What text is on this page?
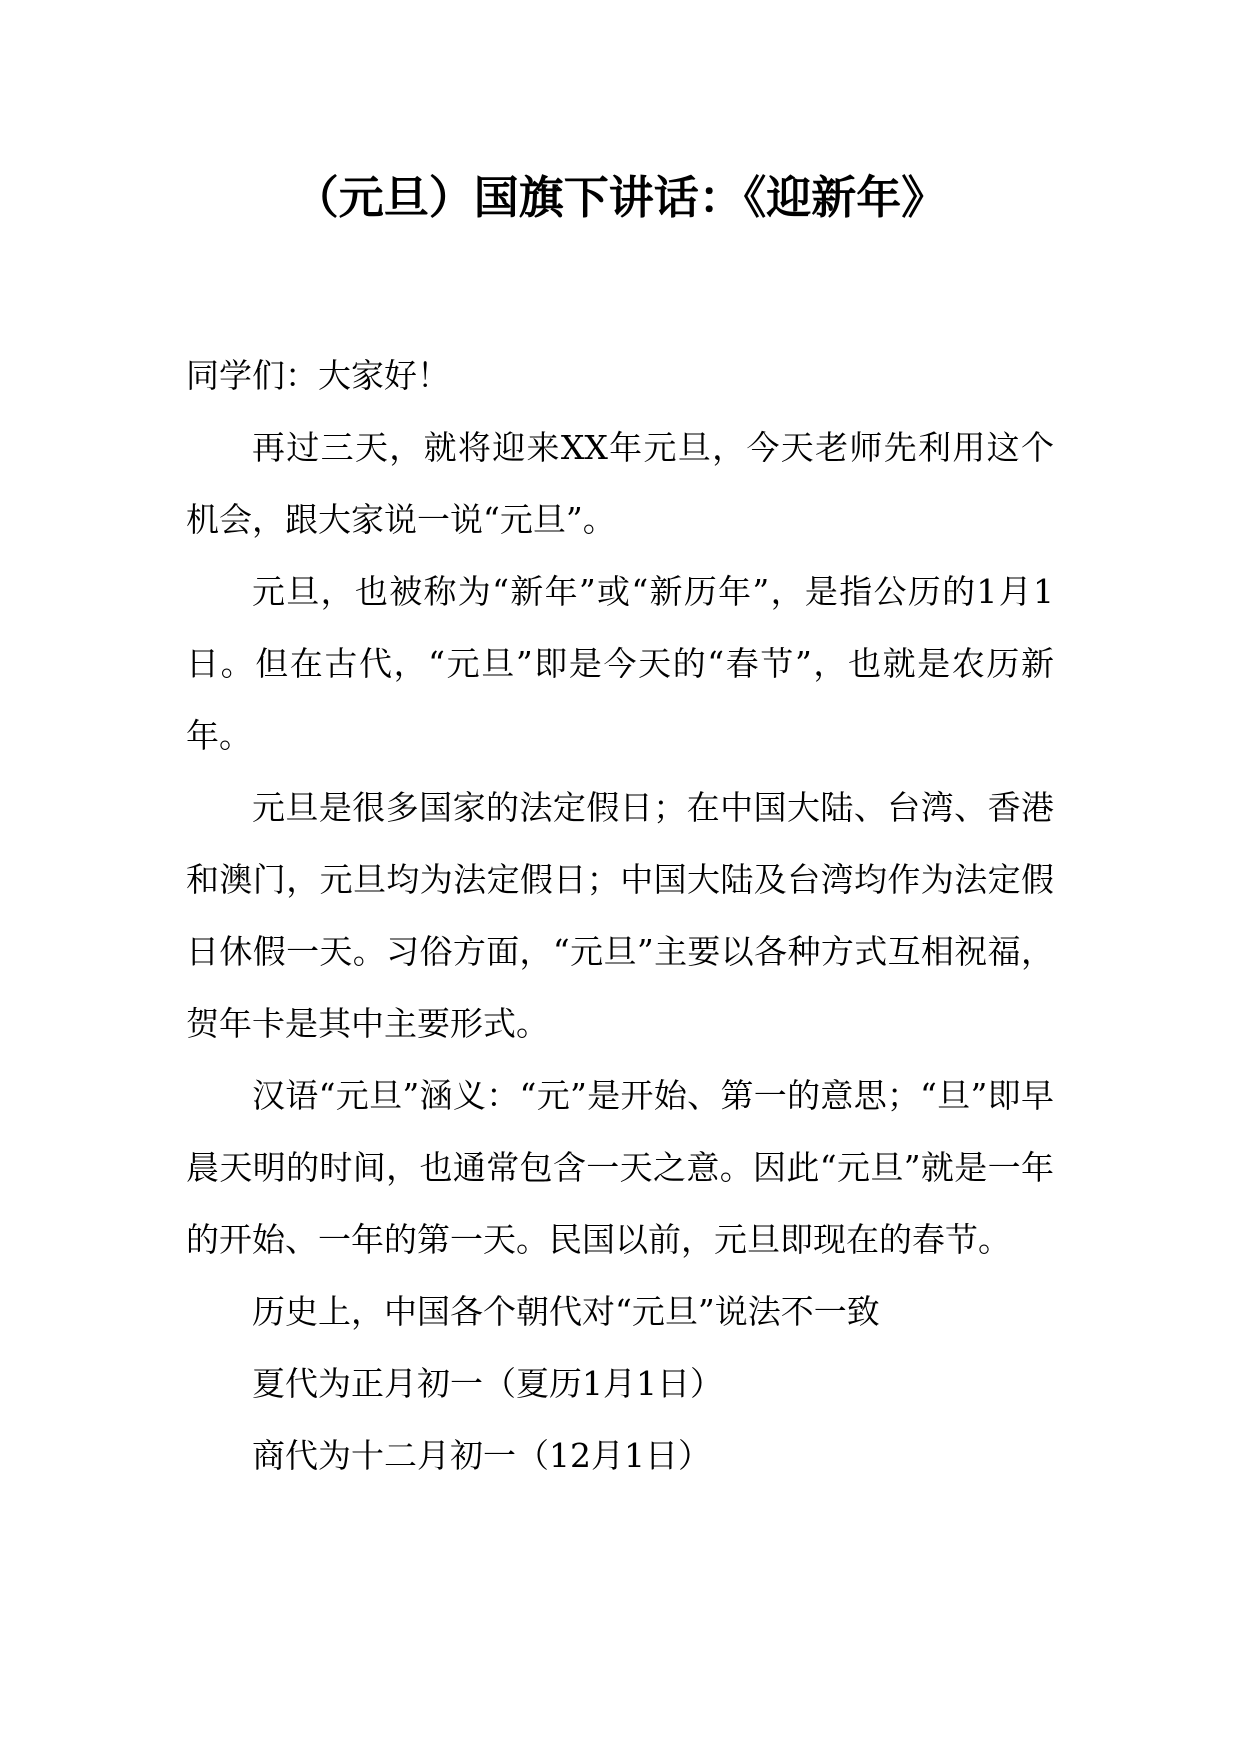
（元旦）国旗下讲话：《迎新年》

同学们：大家好！

再过三天，就将迎来XX年元旦，今天老师先利用这个机会，跟大家说一说“元旦”。

元旦，也被称为“新年”或“新历年”，是指公历的1月1日。但在古代，“元旦”即是今天的“春节”，也就是农历新年。

元旦是很多国家的法定假日；在中国大陆、台湾、香港和澳门，元旦均为法定假日；中国大陆及台湾均作为法定假日休假一天。习俗方面，“元旦”主要以各种方式互相祝福，贺年卡是其中主要形式。

汉语“元旦”涵义：“元”是开始、第一的意思；“旦”即早晨天明的时间，也通常包含一天之意。因此“元旦”就是一年的开始、一年的第一天。民国以前，元旦即现在的春节。

历史上，中国各个朝代对“元旦”说法不一致

夏代为正月初一（夏历1月1日）

商代为十二月初一（12月1日）
